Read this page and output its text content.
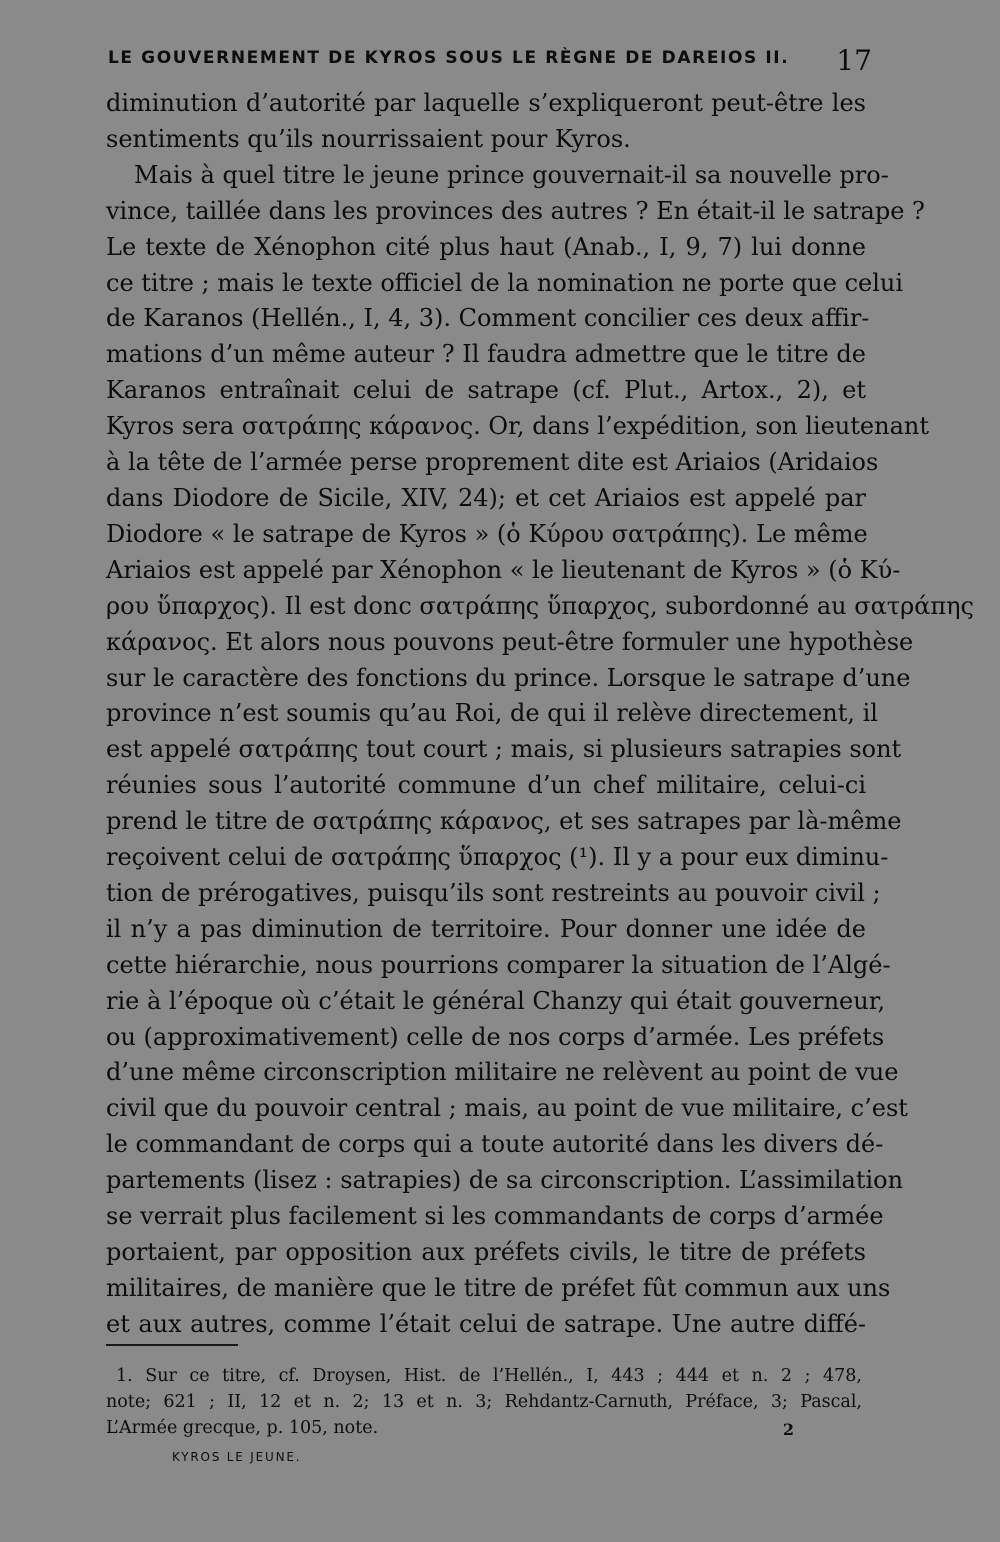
LE GOUVERNEMENT DE KYROS SOUS LE RÈGNE DE DAREIOS II.	17
diminution d’autorité par laquelle s’expliqueront peut-être les
sentiments qu’ils nourrissaient pour Kyros.
Mais à quel titre le jeune prince gouvernait-il sa nouvelle pro-
vince, taillée dans les provinces des autres ? En était-il le satrape ?
Le texte de Xénophon cité plus haut (Anab., I, 9, 7) lui donne
ce titre ; mais le texte officiel de la nomination ne porte que celui
de Karanos (Hellén., I, 4, 3). Comment concilier ces deux affir-
mations d’un même auteur ? Il faudra admettre que le titre de
Karanos entraînait celui de satrape (cf. Plut., Artox., 2), et
Kyros sera σατράπης κάρανος. Or, dans l’expédition, son lieutenant
à la tête de l’armée perse proprement dite est Ariaios (Aridaios
dans Diodore de Sicile, XIV, 24); et cet Ariaios est appelé par
Diodore « le satrape de Kyros » (ὁ Κύρου σατράπης). Le même
Ariaios est appelé par Xénophon « le lieutenant de Kyros » (ὁ Κύ-
ρου ὕπαρχος). Il est donc σατράπης ὕπαρχος, subordonné au σατράπης
κάρανος. Et alors nous pouvons peut-être formuler une hypothèse
sur le caractère des fonctions du prince. Lorsque le satrape d’une
province n’est soumis qu’au Roi, de qui il relève directement, il
est appelé σατράπης tout court ; mais, si plusieurs satrapies sont
réunies sous l’autorité commune d’un chef militaire, celui-ci
prend le titre de σατράπης κάρανος, et ses satrapes par là-même
reçoivent celui de σατράπης ὕπαρχος (¹). Il y a pour eux diminu-
tion de prérogatives, puisqu’ils sont restreints au pouvoir civil ;
il n’y a pas diminution de territoire. Pour donner une idée de
cette hiérarchie, nous pourrions comparer la situation de l’Algé-
rie à l’époque où c’était le général Chanzy qui était gouverneur,
ou (approximativement) celle de nos corps d’armée. Les préfets
d’une même circonscription militaire ne relèvent au point de vue
civil que du pouvoir central ; mais, au point de vue militaire, c’est
le commandant de corps qui a toute autorité dans les divers dé-
partements (lisez : satrapies) de sa circonscription. L’assimilation
se verrait plus facilement si les commandants de corps d’armée
portaient, par opposition aux préfets civils, le titre de préfets
militaires, de manière que le titre de préfet fût commun aux uns
et aux autres, comme l’était celui de satrape. Une autre diffé-
1. Sur ce titre, cf. Droysen, Hist. de l’Hellén., I, 443 ; 444 et n. 2 ; 478,
note; 621 ; II, 12 et n. 2; 13 et n. 3; Rehdantz-Carnuth, Préface, 3; Pascal,
L’Armée grecque, p. 105, note.
KYROS LE JEUNE.
2
